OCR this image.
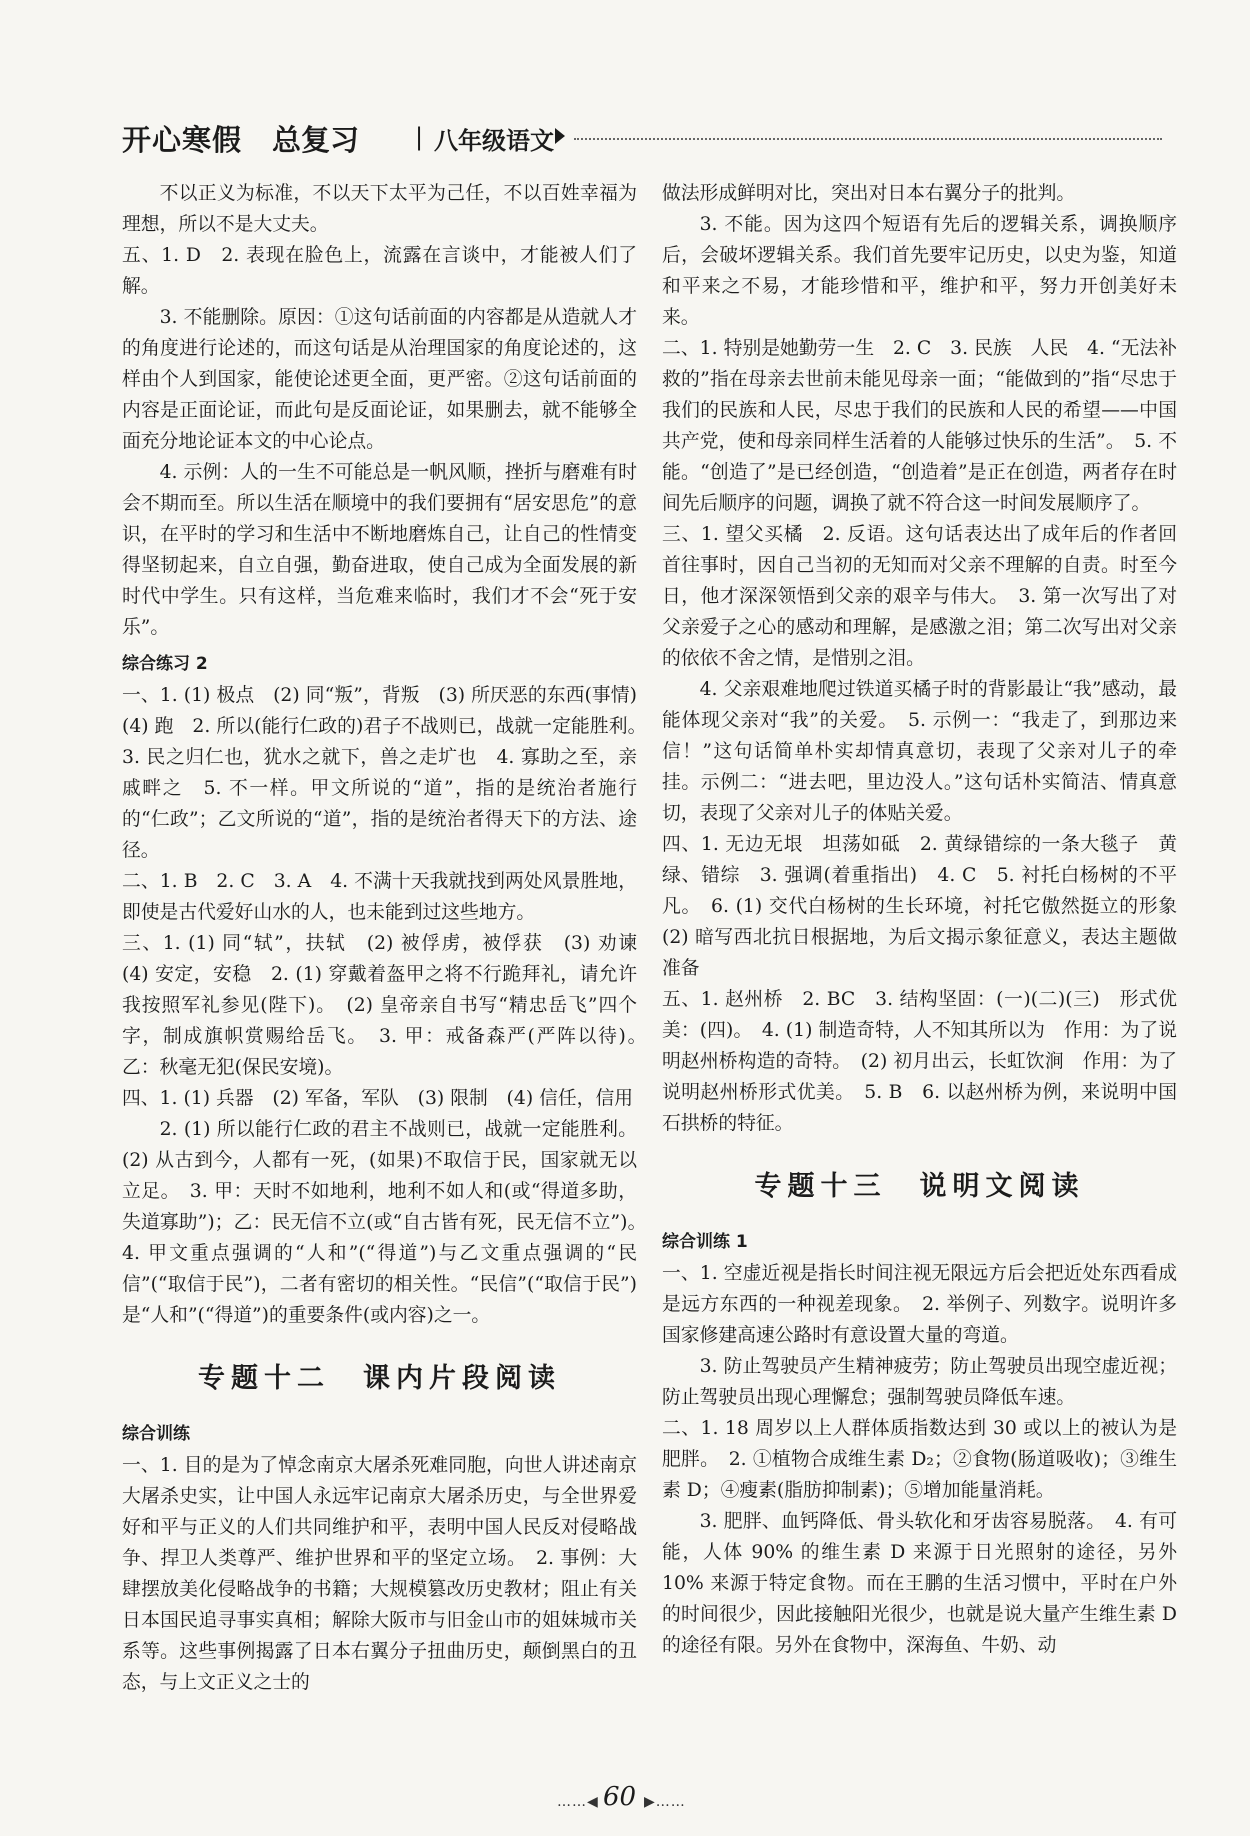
开心寒假 总复习 | 八年级语文

不以正义为标准，不以天下太平为己任，不以百姓幸福为理想，所以不是大丈夫。

五、1. D　2. 表现在脸色上，流露在言谈中，才能被人们了解。

3. 不能删除。原因：①这句话前面的内容都是从造就人才的角度进行论述的，而这句话是从治理国家的角度论述的，这样由个人到国家，能使论述更全面，更严密。②这句话前面的内容是正面论证，而此句是反面论证，如果删去，就不能够全面充分地论证本文的中心论点。

4. 示例：人的一生不可能总是一帆风顺，挫折与磨难有时会不期而至。所以生活在顺境中的我们要拥有“居安思危”的意识，在平时的学习和生活中不断地磨炼自己，让自己的性情变得坚韧起来，自立自强，勤奋进取，使自己成为全面发展的新时代中学生。只有这样，当危难来临时，我们才不会“死于安乐”。

综合练习 2

一、1. (1) 极点　(2) 同“叛”，背叛　(3) 所厌恶的东西(事情)　(4) 跑　2. 所以(能行仁政的)君子不战则已，战就一定能胜利。　3. 民之归仁也，犹水之就下，兽之走圹也　4. 寡助之至，亲戚畔之　5. 不一样。甲文所说的“道”，指的是统治者施行的“仁政”；乙文所说的“道”，指的是统治者得天下的方法、途径。

二、1. B　2. C　3. A　4. 不满十天我就找到两处风景胜地，即使是古代爱好山水的人，也未能到过这些地方。

三、1. (1) 同“轼”，扶轼　(2) 被俘虏，被俘获　(3) 劝谏　(4) 安定，安稳　2. (1) 穿戴着盔甲之将不行跪拜礼，请允许我按照军礼参见(陛下)。　(2) 皇帝亲自书写“精忠岳飞”四个字，制成旗帜赏赐给岳飞。　3. 甲：戒备森严(严阵以待)。　乙：秋毫无犯(保民安境)。

四、1. (1) 兵器　(2) 军备，军队　(3) 限制　(4) 信任，信用

2. (1) 所以能行仁政的君主不战则已，战就一定能胜利。(2) 从古到今，人都有一死，(如果)不取信于民，国家就无以立足。　3. 甲：天时不如地利，地利不如人和(或“得道多助，失道寡助”)；乙：民无信不立(或“自古皆有死，民无信不立”)。　4. 甲文重点强调的“人和”(“得道”)与乙文重点强调的“民信”(“取信于民”)，二者有密切的相关性。“民信”(“取信于民”)是“人和”(“得道”)的重要条件(或内容)之一。

专题十二　课内片段阅读

综合训练

一、1. 目的是为了悼念南京大屠杀死难同胞，向世人讲述南京大屠杀史实，让中国人永远牢记南京大屠杀历史，与全世界爱好和平与正义的人们共同维护和平，表明中国人民反对侵略战争、捍卫人类尊严、维护世界和平的坚定立场。　2. 事例：大肆摆放美化侵略战争的书籍；大规模篡改历史教材；阻止有关日本国民追寻事实真相；解除大阪市与旧金山市的姐妹城市关系等。这些事例揭露了日本右翼分子扭曲历史，颠倒黑白的丑态，与上文正义之士的

做法形成鲜明对比，突出对日本右翼分子的批判。

3. 不能。因为这四个短语有先后的逻辑关系，调换顺序后，会破坏逻辑关系。我们首先要牢记历史，以史为鉴，知道和平来之不易，才能珍惜和平，维护和平，努力开创美好未来。

二、1. 特别是她勤劳一生　2. C　3. 民族　人民　4. “无法补救的”指在母亲去世前未能见母亲一面；“能做到的”指“尽忠于我们的民族和人民，尽忠于我们的民族和人民的希望——中国共产党，使和母亲同样生活着的人能够过快乐的生活”。　5. 不能。“创造了”是已经创造，“创造着”是正在创造，两者存在时间先后顺序的问题，调换了就不符合这一时间发展顺序了。

三、1. 望父买橘　2. 反语。这句话表达出了成年后的作者回首往事时，因自己当初的无知而对父亲不理解的自责。时至今日，他才深深领悟到父亲的艰辛与伟大。　3. 第一次写出了对父亲爱子之心的感动和理解，是感激之泪；第二次写出对父亲的依依不舍之情，是惜别之泪。

4. 父亲艰难地爬过铁道买橘子时的背影最让“我”感动，最能体现父亲对“我”的关爱。　5. 示例一：“我走了，到那边来信！”这句话简单朴实却情真意切，表现了父亲对儿子的牵挂。示例二：“进去吧，里边没人。”这句话朴实简洁、情真意切，表现了父亲对儿子的体贴关爱。

四、1. 无边无垠　坦荡如砥　2. 黄绿错综的一条大毯子　黄绿、错综　3. 强调(着重指出)　4. C　5. 衬托白杨树的不平凡。　6. (1) 交代白杨树的生长环境，衬托它傲然挺立的形象　(2) 暗写西北抗日根据地，为后文揭示象征意义，表达主题做准备

五、1. 赵州桥　2. BC　3. 结构坚固：(一)(二)(三)　形式优美：(四)。　4. (1) 制造奇特，人不知其所以为　作用：为了说明赵州桥构造的奇特。　(2) 初月出云，长虹饮涧　作用：为了说明赵州桥形式优美。　5. B　6. 以赵州桥为例，来说明中国石拱桥的特征。

专题十三　说明文阅读

综合训练 1

一、1. 空虚近视是指长时间注视无限远方后会把近处东西看成是远方东西的一种视差现象。　2. 举例子、列数字。说明许多国家修建高速公路时有意设置大量的弯道。

3. 防止驾驶员产生精神疲劳；防止驾驶员出现空虚近视；防止驾驶员出现心理懈怠；强制驾驶员降低车速。

二、1. 18 周岁以上人群体质指数达到 30 或以上的被认为是肥胖。　2. ①植物合成维生素 D₂；②食物(肠道吸收)；③维生素 D；④瘦素(脂肪抑制素)；⑤增加能量消耗。

3. 肥胖、血钙降低、骨头软化和牙齿容易脱落。　4. 有可能，人体 90% 的维生素 D 来源于日光照射的途径，另外 10% 来源于特定食物。而在王鹏的生活习惯中，平时在户外的时间很少，因此接触阳光很少，也就是说大量产生维生素 D 的途径有限。另外在食物中，深海鱼、牛奶、动

……◀ 60 ▶……
